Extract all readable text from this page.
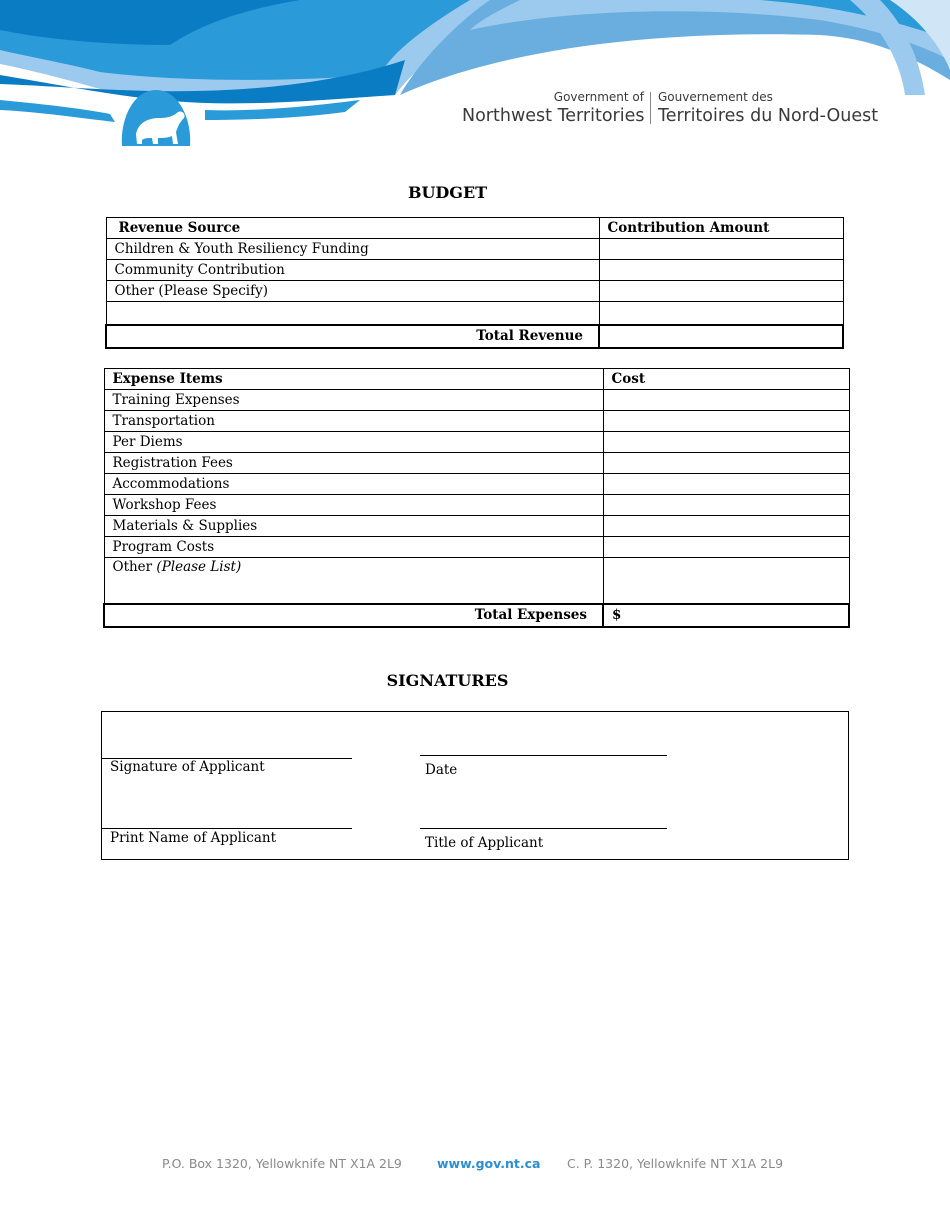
Government of
Northwest Territories
Gouvernement des
Territoires du Nord-Ouest
BUDGET
Revenue Source	Contribution Amount
Children & Youth Resiliency Funding	
Community Contribution	
Other (Please Specify)	

Total Revenue	
Expense Items	Cost
Training Expenses	
Transportation	
Per Diems	
Registration Fees	
Accommodations	
Workshop Fees	
Materials & Supplies	
Program Costs	
Other (Please List)	
Total Expenses	$
SIGNATURES
Signature of Applicant	Date
Print Name of Applicant	Title of Applicant
P.O. Box 1320, Yellowknife NT X1A 2L9	www.gov.nt.ca C. P. 1320, Yellowknife NT X1A 2L9
